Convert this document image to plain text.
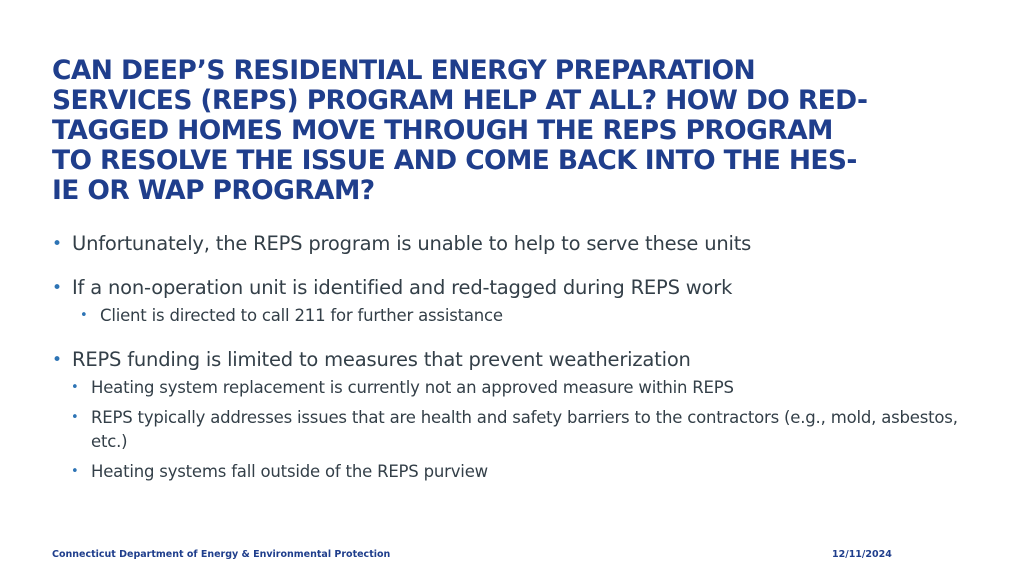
CAN DEEP’S RESIDENTIAL ENERGY PREPARATION
SERVICES (REPS) PROGRAM HELP AT ALL? HOW DO RED-
TAGGED HOMES MOVE THROUGH THE REPS PROGRAM
TO RESOLVE THE ISSUE AND COME BACK INTO THE HES-
IE OR WAP PROGRAM?
• Unfortunately, the REPS program is unable to help to serve these units
• If a non-operation unit is identified and red-tagged during REPS work
• Client is directed to call 211 for further assistance
• REPS funding is limited to measures that prevent weatherization
• Heating system replacement is currently not an approved measure within REPS
• REPS typically addresses issues that are health and safety barriers to the contractors (e.g., mold, asbestos, etc.)
• Heating systems fall outside of the REPS purview
Connecticut Department of Energy & Environmental Protection	12/11/2024
